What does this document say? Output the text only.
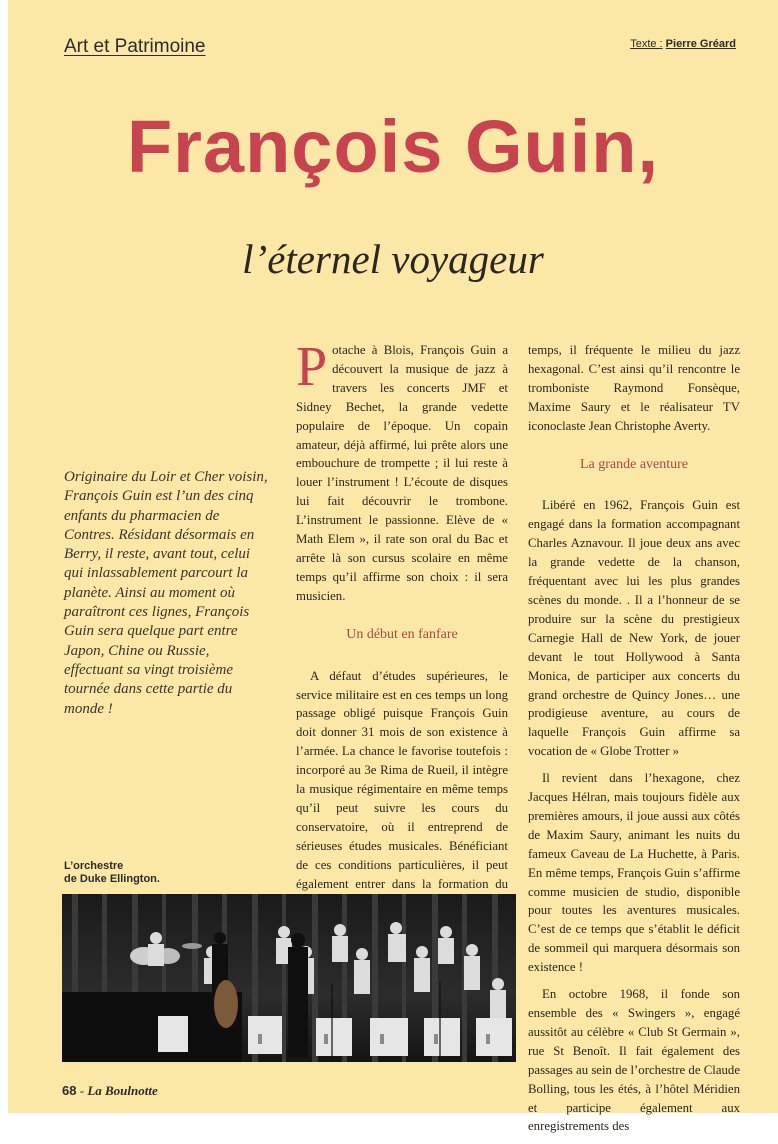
Art et Patrimoine	Texte : Pierre Gréard
François Guin,
l’éternel voyageur

Originaire du Loir et Cher voisin, François Guin est l’un des cinq enfants du pharmacien de Contres. Résidant désormais en Berry, il reste, avant tout, celui qui inlassablement parcourt la planète. Ainsi au moment où paraîtront ces lignes, François Guin sera quelque part entre Japon, Chine ou Russie, effectuant sa vingt troisième tournée dans cette partie du monde !

Potache à Blois, François Guin a découvert la musique de jazz à travers les concerts JMF et Sidney Bechet, la grande vedette populaire de l’époque. Un copain amateur, déjà affirmé, lui prête alors une embouchure de trompette ; il lui reste à louer l’instrument ! L’écoute de disques lui fait découvrir le trombone. L’instrument le passionne. Elève de « Math Elem », il rate son oral du Bac et arrête là son cursus scolaire en même temps qu’il affirme son choix : il sera musicien.

Un début en fanfare

A défaut d’études supérieures, le service militaire est en ces temps un long passage obligé puisque François Guin doit donner 31 mois de son existence à l’armée. La chance le favorise toutefois : incorporé au 3e Rima de Rueil, il intègre la musique régimentaire en même temps qu’il peut suivre les cours du conservatoire, où il entreprend de sérieuses études musicales. Bénéficiant de ces conditions particulières, il peut également entrer dans la formation du

temps, il fréquente le milieu du jazz hexagonal. C’est ainsi qu’il rencontre le tromboniste Raymond Fonsèque, Maxime Saury et le réalisateur TV iconoclaste Jean Christophe Averty.

La grande aventure

Libéré en 1962, François Guin est engagé dans la formation accompagnant Charles Aznavour. Il joue deux ans avec la grande vedette de la chanson, fréquentant avec lui les plus grandes scènes du monde. . Il a l’honneur de se produire sur la scène du prestigieux Carnegie Hall de New York, de jouer devant le tout Hollywood à Santa Monica, de participer aux concerts du grand orchestre de Quincy Jones… une prodigieuse aventure, au cours de laquelle François Guin affirme sa vocation de « Globe Trotter »

Il revient dans l’hexagone, chez Jacques Hélran, mais toujours fidèle aux premières amours, il joue aussi aux côtés de Maxim Saury, animant les nuits du fameux Caveau de La Huchette, à Paris. En même temps, François Guin s’affirme comme musicien de studio, disponible pour toutes les aventures musicales. C’est de ce temps que s’établit le déficit de sommeil qui marquera désormais son existence !

En octobre 1968, il fonde son ensemble des « Swingers », engagé aussitôt au célèbre « Club St Germain », rue St Benoît. Il fait également des passages au sein de l’orchestre de Claude Bolling, tous les étés, à l’hôtel Méridien et participe également aux enregistrements des

L’orchestre
de Duke Ellington.
68 - La Boulnotte
